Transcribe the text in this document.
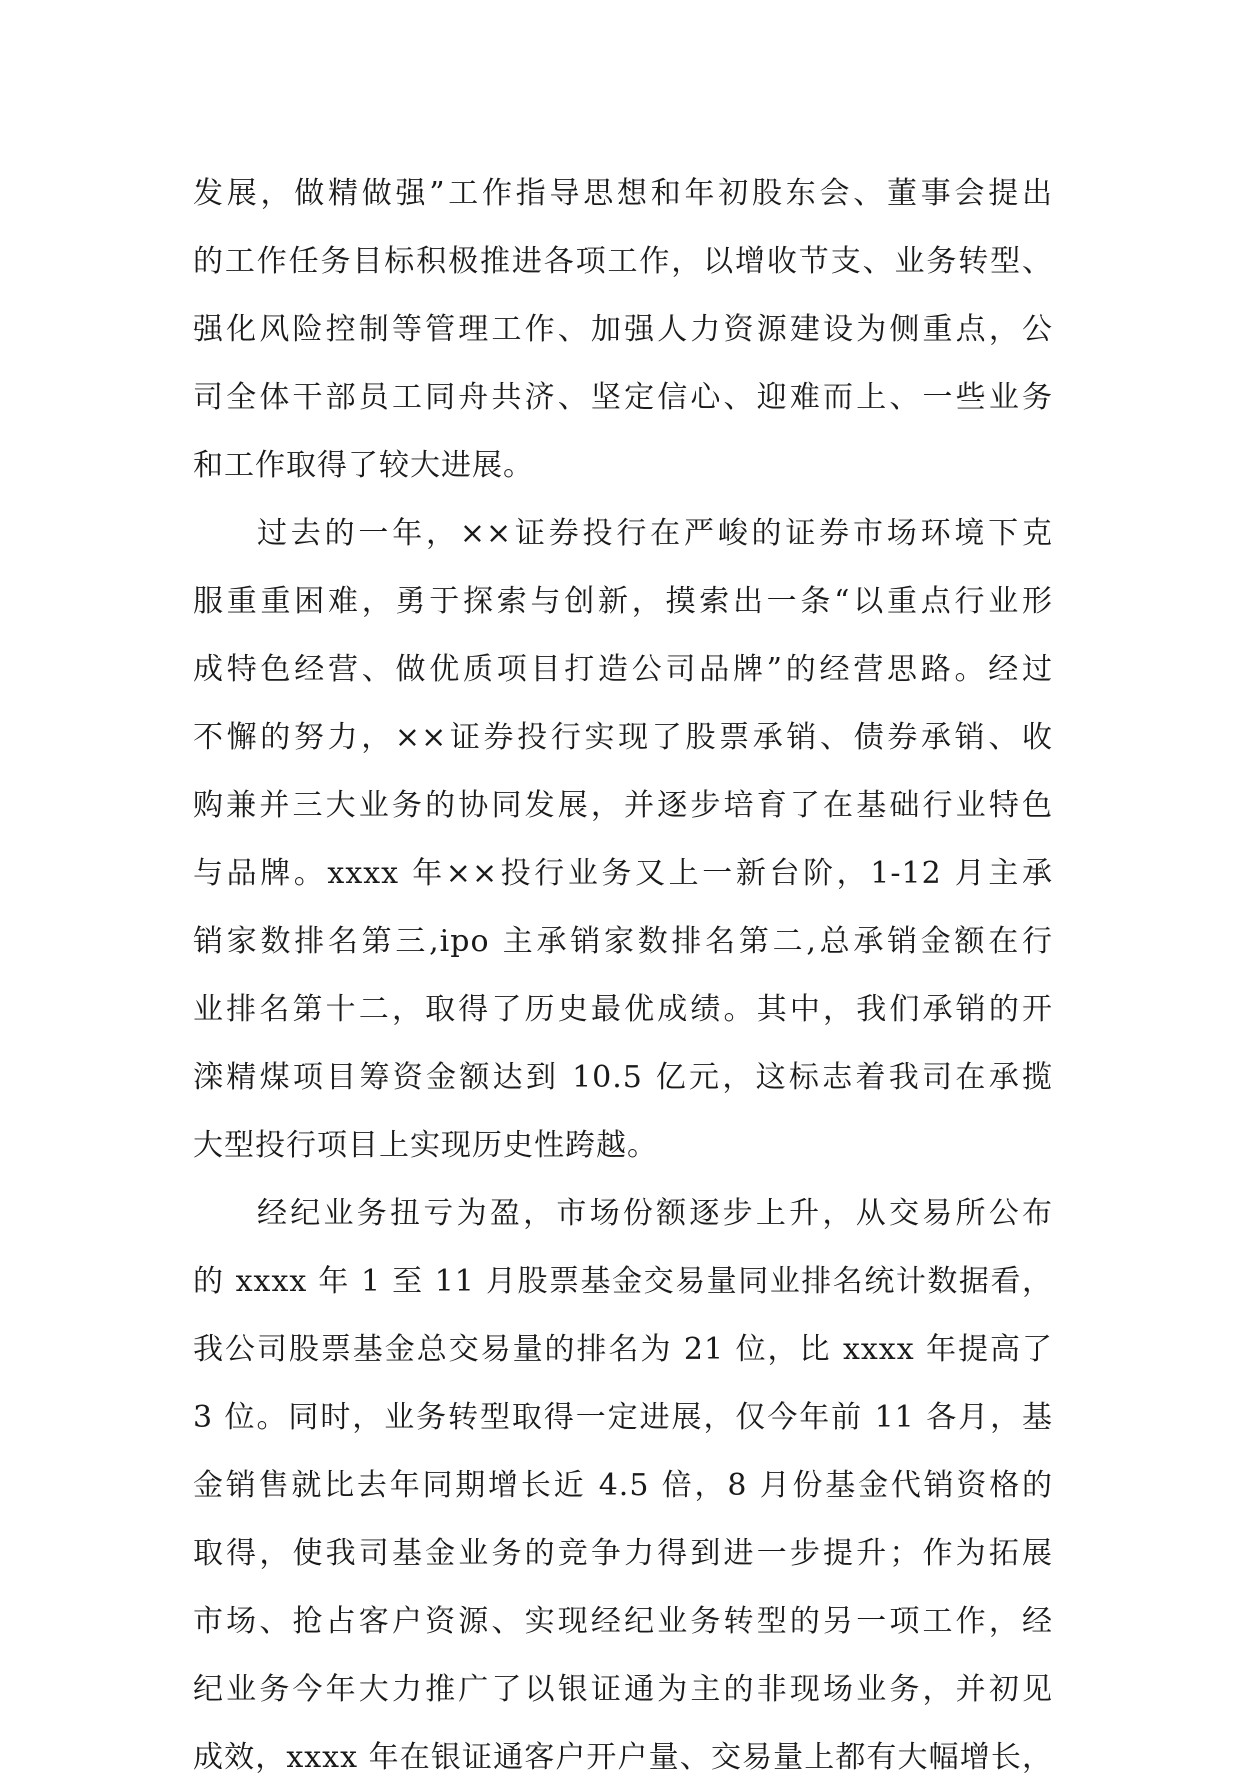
发展，做精做强”工作指导思想和年初股东会、董事会提出
的工作任务目标积极推进各项工作，以增收节支、业务转型、
强化风险控制等管理工作、加强人力资源建设为侧重点，公
司全体干部员工同舟共济、坚定信心、迎难而上、一些业务
和工作取得了较大进展。
过去的一年，××证券投行在严峻的证券市场环境下克
服重重困难，勇于探索与创新，摸索出一条“以重点行业形
成特色经营、做优质项目打造公司品牌”的经营思路。经过
不懈的努力，××证券投行实现了股票承销、债券承销、收
购兼并三大业务的协同发展，并逐步培育了在基础行业特色
与品牌。xxxx 年××投行业务又上一新台阶，1-12 月主承
销家数排名第三,ipo 主承销家数排名第二,总承销金额在行
业排名第十二，取得了历史最优成绩。其中，我们承销的开
滦精煤项目筹资金额达到 10.5 亿元，这标志着我司在承揽
大型投行项目上实现历史性跨越。
经纪业务扭亏为盈，市场份额逐步上升，从交易所公布
的 xxxx 年 1 至 11 月股票基金交易量同业排名统计数据看，
我公司股票基金总交易量的排名为 21 位，比 xxxx 年提高了
3 位。同时，业务转型取得一定进展，仅今年前 11 各月，基
金销售就比去年同期增长近 4.5 倍，8 月份基金代销资格的
取得，使我司基金业务的竞争力得到进一步提升；作为拓展
市场、抢占客户资源、实现经纪业务转型的另一项工作，经
纪业务今年大力推广了以银证通为主的非现场业务，并初见
成效，xxxx 年在银证通客户开户量、交易量上都有大幅增长，
